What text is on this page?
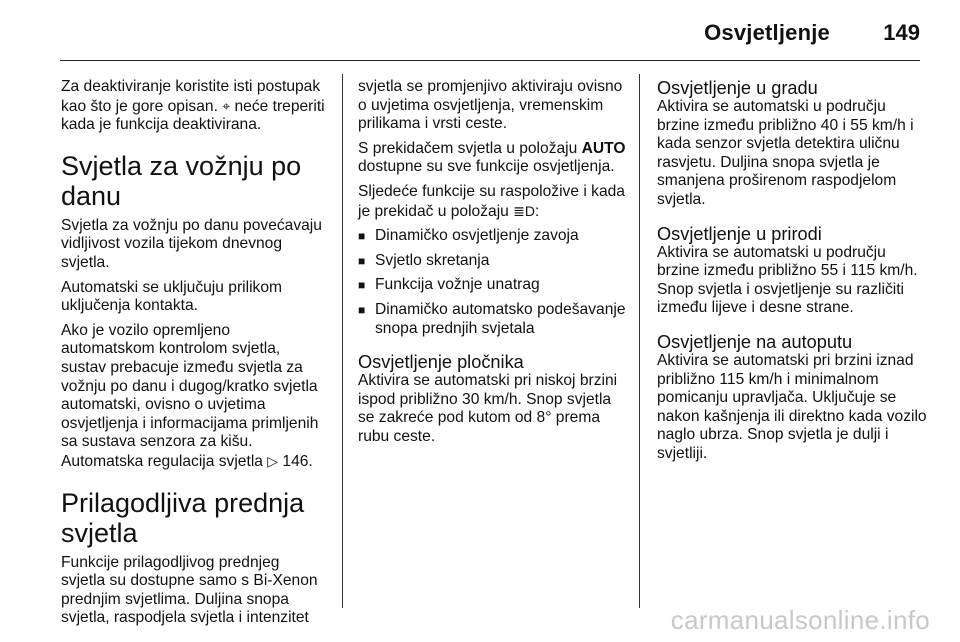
Osvjetljenje 149

Za deaktiviranje koristite isti postupak kao što je gore opisan. ⌖ neće treperiti kada je funkcija deaktivirana.

Svjetla za vožnju po danu

Svjetla za vožnju po danu povećavaju vidljivost vozila tijekom dnevnog svjetla.

Automatski se uključuju prilikom uključenja kontakta.

Ako je vozilo opremljeno automatskom kontrolom svjetla, sustav prebacuje između svjetla za vožnju po danu i dugog/kratko svjetla automatski, ovisno o uvjetima osvjetljenja i informacijama primljenih sa sustava senzora za kišu. Automatska regulacija svjetla ▷ 146.

Prilagodljiva prednja svjetla

Funkcije prilagodljivog prednjeg svjetla su dostupne samo s Bi-Xenon prednjim svjetlima. Duljina snopa svjetla, raspodjela svjetla i intenzitet

svjetla se promjenjivo aktiviraju ovisno o uvjetima osvjetljenja, vremenskim prilikama i vrsti ceste.

S prekidačem svjetla u položaju AUTO dostupne su sve funkcije osvjetljenja.

Sljedeće funkcije su raspoložive i kada je prekidač u položaju ≣D:

■ Dinamičko osvjetljenje zavoja
■ Svjetlo skretanja
■ Funkcija vožnje unatrag
■ Dinamičko automatsko podešavanje snopa prednjih svjetala
Osvjetljenje pločnika

Aktivira se automatski pri niskoj brzini ispod približno 30 km/h. Snop svjetla se zakreće pod kutom od 8° prema rubu ceste.

Osvjetljenje u gradu

Aktivira se automatski u području brzine između približno 40 i 55 km/h i kada senzor svjetla detektira uličnu rasvjetu. Duljina snopa svjetla je smanjena proširenom raspodjelom svjetla.

Osvjetljenje u prirodi

Aktivira se automatski u području brzine između približno 55 i 115 km/h. Snop svjetla i osvjetljenje su različiti između lijeve i desne strane.

Osvjetljenje na autoputu

Aktivira se automatski pri brzini iznad približno 115 km/h i minimalnom pomicanju upravljača. Uključuje se nakon kašnjenja ili direktno kada vozilo naglo ubrza. Snop svjetla je dulji i svjetliji.

carmanualsonline.info
